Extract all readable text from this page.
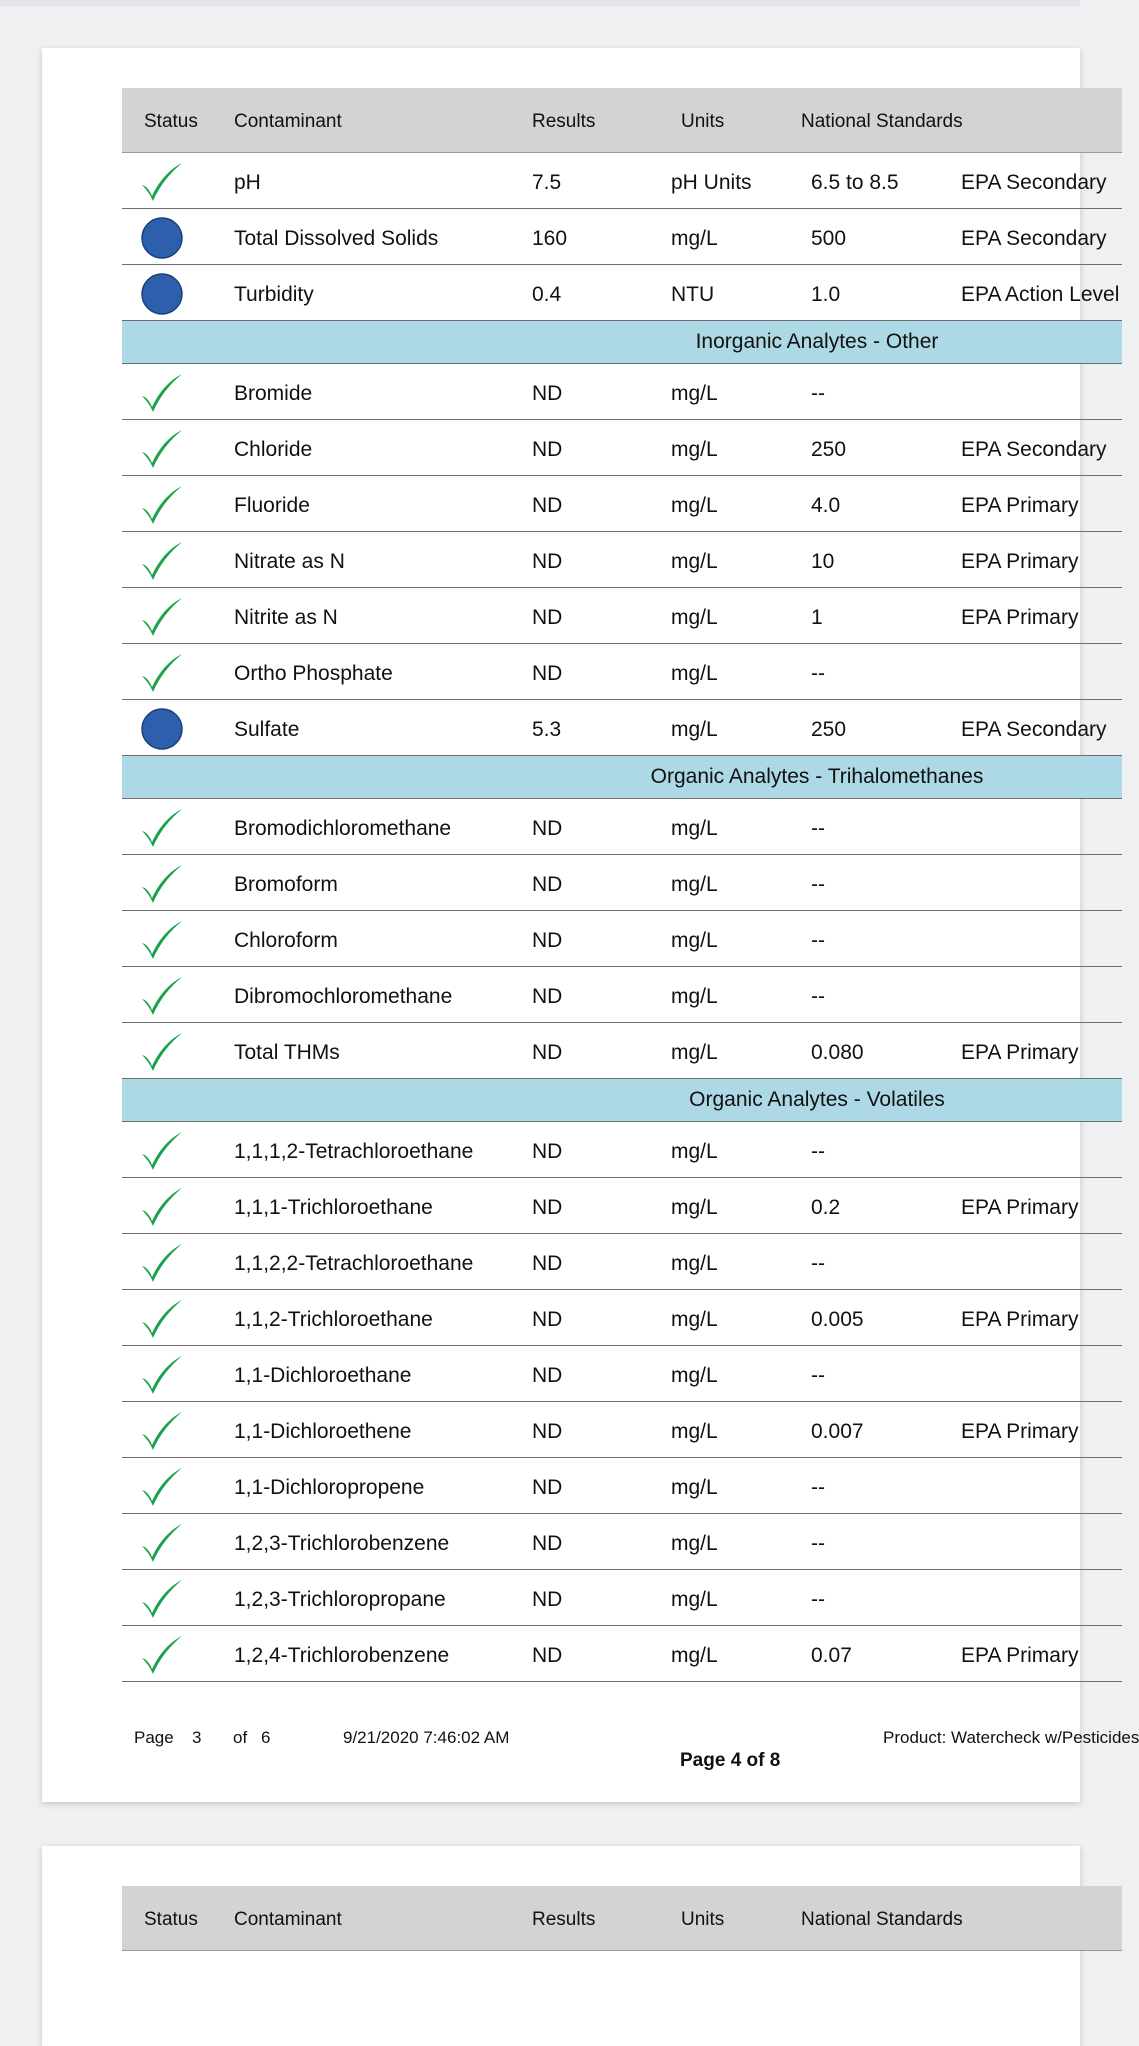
Status Contaminant	Results	Units	National Standards
pH	7.5	pH Units	6.5 to 8.5	EPA Secondary
Total Dissolved Solids	160	mg/L	500	EPA Secondary
Turbidity	0.4	NTU	1.0	EPA Action Level
Inorganic Analytes - Other
Bromide	ND	mg/L	--
Chloride	ND	mg/L	250	EPA Secondary
Fluoride	ND	mg/L	4.0	EPA Primary
Nitrate as N	ND	mg/L	10	EPA Primary
Nitrite as N	ND	mg/L	1	EPA Primary
Ortho Phosphate	ND	mg/L	--
Sulfate	5.3	mg/L	250	EPA Secondary
Organic Analytes - Trihalomethanes
Bromodichloromethane	ND	mg/L	--
Bromoform	ND	mg/L	--
Chloroform	ND	mg/L	--
Dibromochloromethane	ND	mg/L	--
Total THMs	ND	mg/L	0.080	EPA Primary
Organic Analytes - Volatiles
1,1,1,2-Tetrachloroethane	ND	mg/L	--
1,1,1-Trichloroethane	ND	mg/L	0.2	EPA Primary
1,1,2,2-Tetrachloroethane	ND	mg/L	--
1,1,2-Trichloroethane	ND	mg/L	0.005	EPA Primary
1,1-Dichloroethane	ND	mg/L	--
1,1-Dichloroethene	ND	mg/L	0.007	EPA Primary
1,1-Dichloropropene	ND	mg/L	--
1,2,3-Trichlorobenzene	ND	mg/L	--
1,2,3-Trichloropropane	ND	mg/L	--
1,2,4-Trichlorobenzene	ND	mg/L	0.07	EPA Primary
Page 3 of 6	9/21/2020 7:46:02 AM	Product: Watercheck w/Pesticides
Page 4 of 8
Status Contaminant	Results	Units	National Standards
